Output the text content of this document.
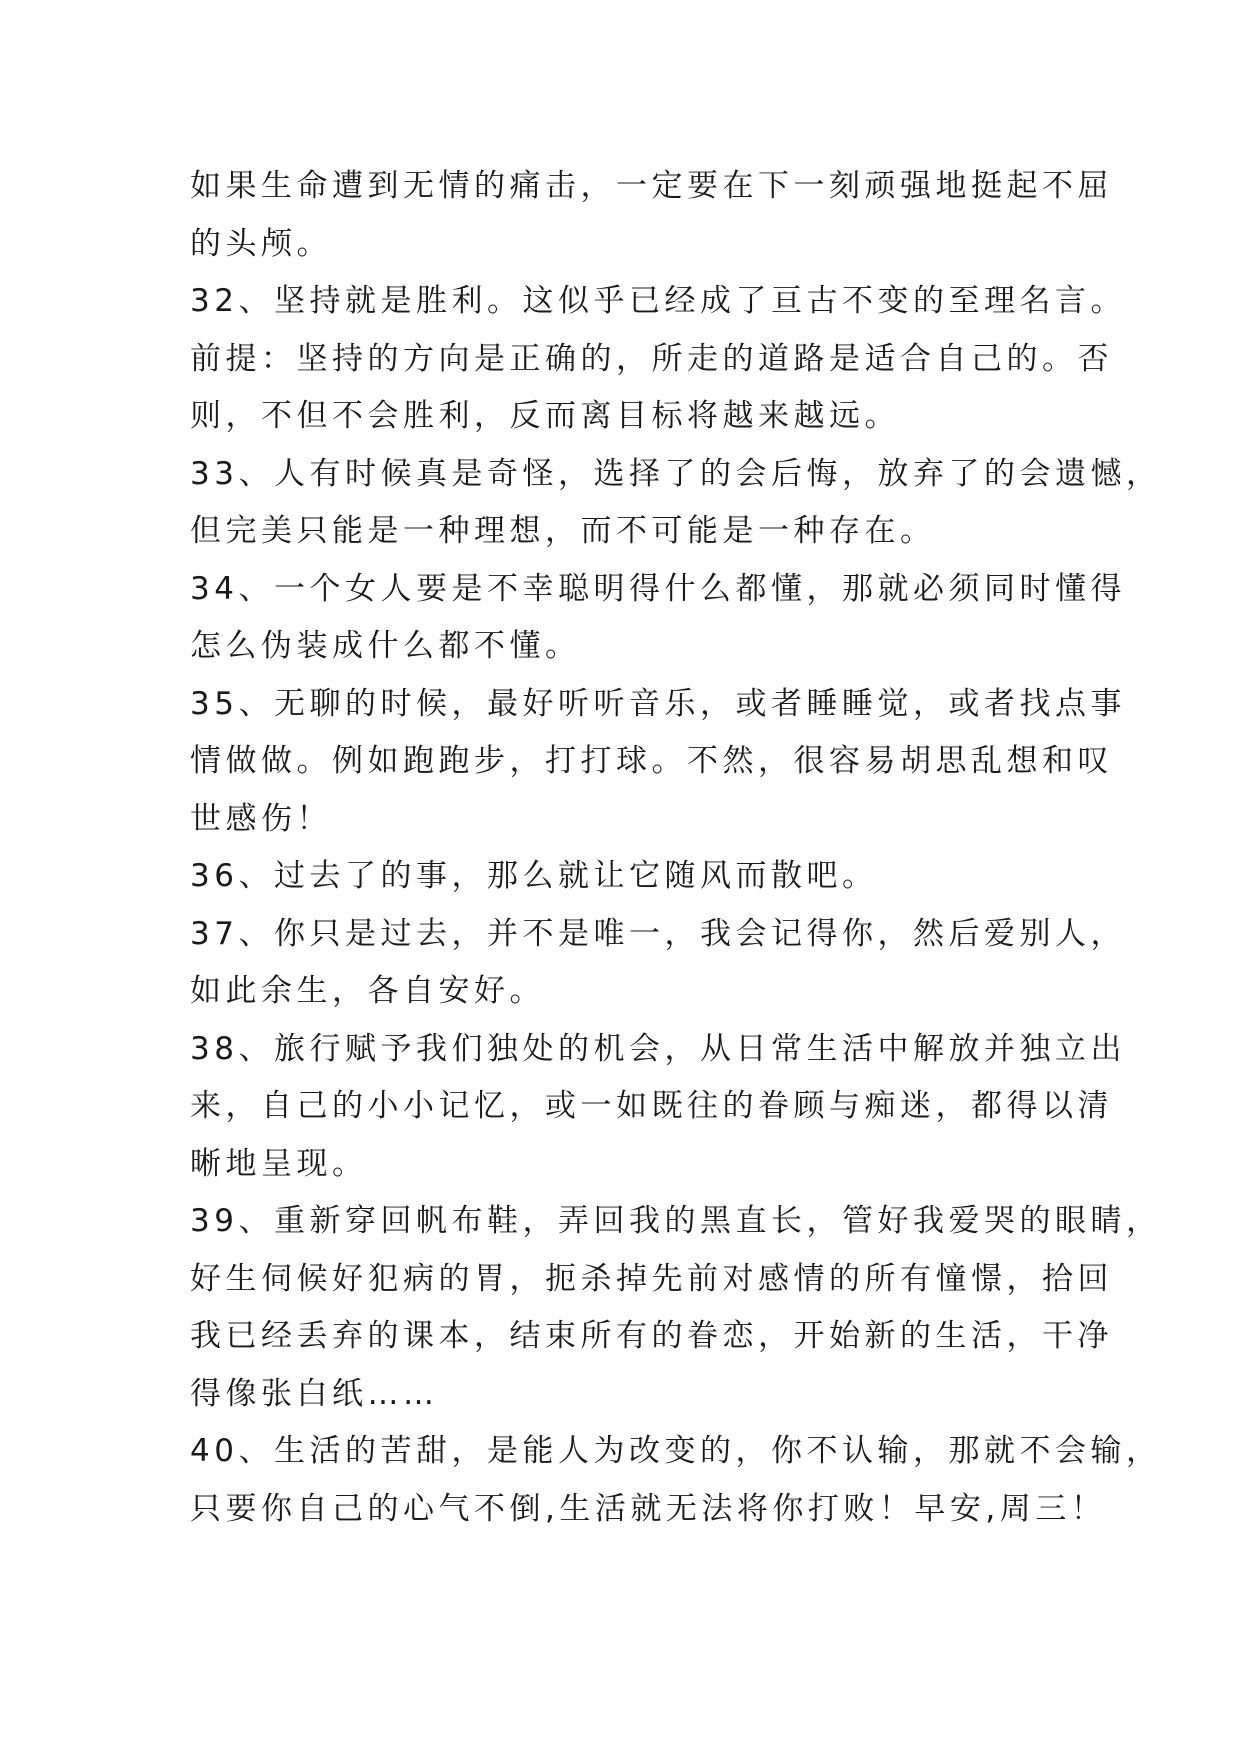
如果生命遭到无情的痛击，一定要在下一刻顽强地挺起不屈
的头颅。
32、坚持就是胜利。这似乎已经成了亘古不变的至理名言。
前提：坚持的方向是正确的，所走的道路是适合自己的。否
则，不但不会胜利，反而离目标将越来越远。
33、人有时候真是奇怪，选择了的会后悔，放弃了的会遗憾，
但完美只能是一种理想，而不可能是一种存在。
34、一个女人要是不幸聪明得什么都懂，那就必须同时懂得
怎么伪装成什么都不懂。
35、无聊的时候，最好听听音乐，或者睡睡觉，或者找点事
情做做。例如跑跑步，打打球。不然，很容易胡思乱想和叹
世感伤！
36、过去了的事，那么就让它随风而散吧。
37、你只是过去，并不是唯一，我会记得你，然后爱别人，
如此余生，各自安好。
38、旅行赋予我们独处的机会，从日常生活中解放并独立出
来，自己的小小记忆，或一如既往的眷顾与痴迷，都得以清
晰地呈现。
39、重新穿回帆布鞋，弄回我的黑直长，管好我爱哭的眼睛，
好生伺候好犯病的胃，扼杀掉先前对感情的所有憧憬，拾回
我已经丢弃的课本，结束所有的眷恋，开始新的生活，干净
得像张白纸……
40、生活的苦甜，是能人为改变的，你不认输，那就不会输，
只要你自己的心气不倒,生活就无法将你打败！早安,周三！
